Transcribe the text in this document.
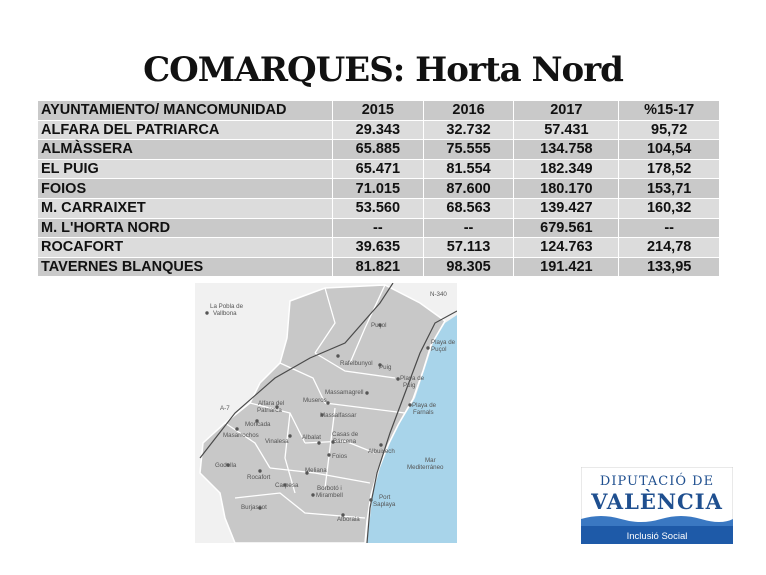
COMARQUES: Horta Nord
AYUNTAMIENTO/ MANCOMUNIDAD	2015	2016	2017	%15-17
ALFARA DEL PATRIARCA	29.343	32.732	57.431	95,72
ALMÀSSERA	65.885	75.555	134.758	104,54
EL PUIG	65.471	81.554	182.349	178,52
FOIOS	71.015	87.600	180.170	153,71
M. CARRAIXET	53.560	68.563	139.427	160,32
M. L'HORTA NORD	--	--	679.561	--
ROCAFORT	39.635	57.113	124.763	214,78
TAVERNES BLANQUES	81.821	98.305	191.421	133,95
La Pobla de
Vallbona
N-340
Puçol
Playa de
Puçol
Rafelbunyol
Puig
Massamagrell
Playa de
Puig
Museros
Alfara del
Patriarca
A-7
Massalfassar
Playa de
Farnals
Moncada
Masarrochos
Vinalesa
Albalat Casas de
Bárcena
Albuixech
Foios
Mar
Mediterráneo
Godella
Rocafort
Meliana
Carpesa	Borbotó i
Mirambell	Port
Saplaya
Burjassot
Alboraia
DIPUTACIÓ DE
VALÈNCIA
Inclusió Social
